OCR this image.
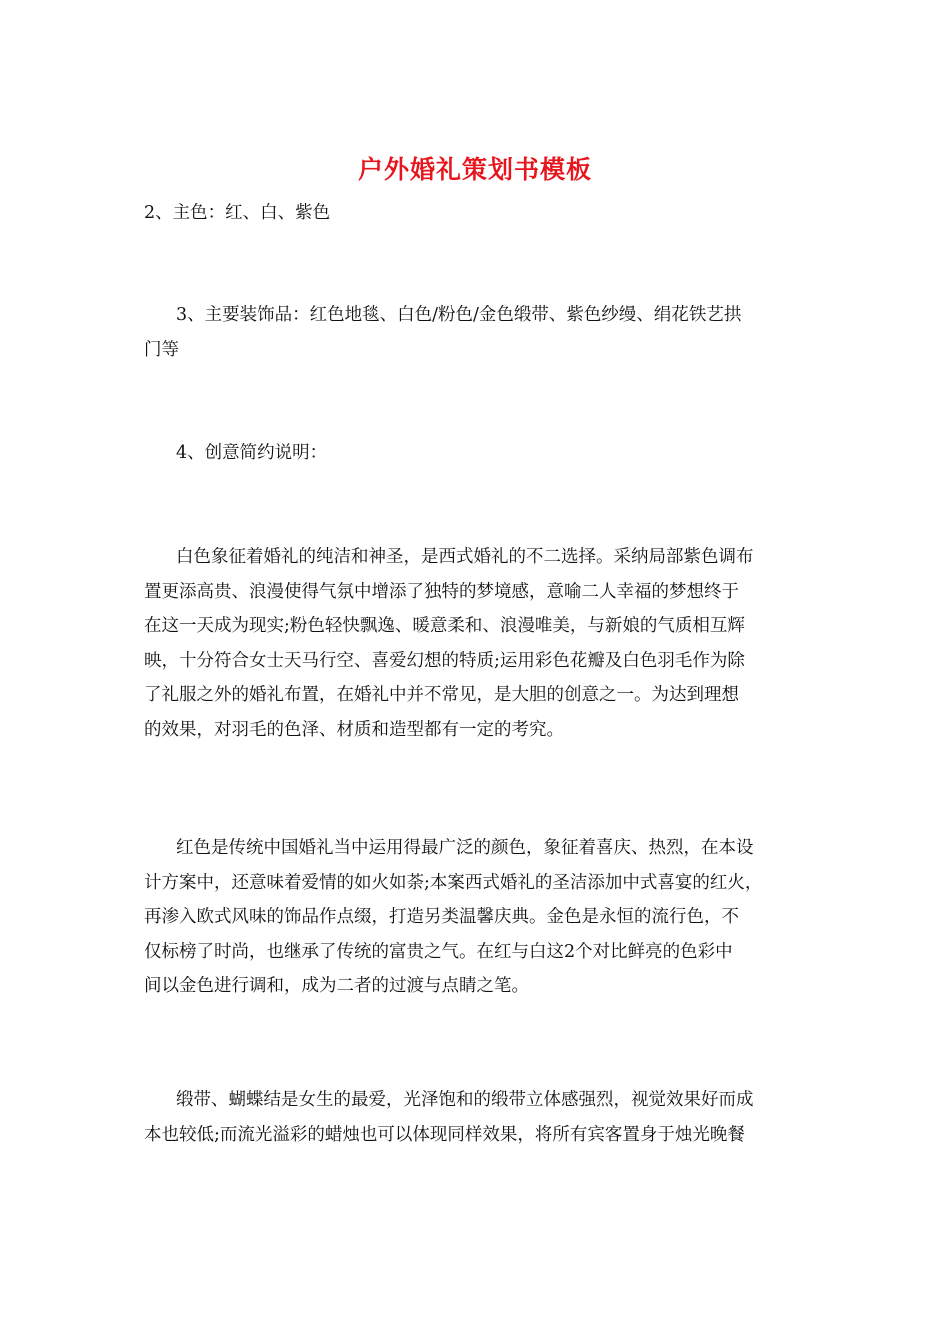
户外婚礼策划书模板
2、主色：红、白、紫色
3、主要装饰品：红色地毯、白色/粉色/金色缎带、紫色纱缦、绢花铁艺拱
门等
4、创意简约说明：
白色象征着婚礼的纯洁和神圣，是西式婚礼的不二选择。采纳局部紫色调布
置更添高贵、浪漫使得气氛中增添了独特的梦境感，意喻二人幸福的梦想终于
在这一天成为现实;粉色轻快飘逸、暖意柔和、浪漫唯美，与新娘的气质相互辉
映，十分符合女士天马行空、喜爱幻想的特质;运用彩色花瓣及白色羽毛作为除
了礼服之外的婚礼布置，在婚礼中并不常见，是大胆的创意之一。为达到理想
的效果，对羽毛的色泽、材质和造型都有一定的考究。
红色是传统中国婚礼当中运用得最广泛的颜色，象征着喜庆、热烈，在本设
计方案中，还意味着爱情的如火如荼;本案西式婚礼的圣洁添加中式喜宴的红火，
再渗入欧式风味的饰品作点缀，打造另类温馨庆典。金色是永恒的流行色，不
仅标榜了时尚，也继承了传统的富贵之气。在红与白这2个对比鲜亮的色彩中
间以金色进行调和，成为二者的过渡与点睛之笔。
缎带、蝴蝶结是女生的最爱，光泽饱和的缎带立体感强烈，视觉效果好而成
本也较低;而流光溢彩的蜡烛也可以体现同样效果，将所有宾客置身于烛光晚餐
